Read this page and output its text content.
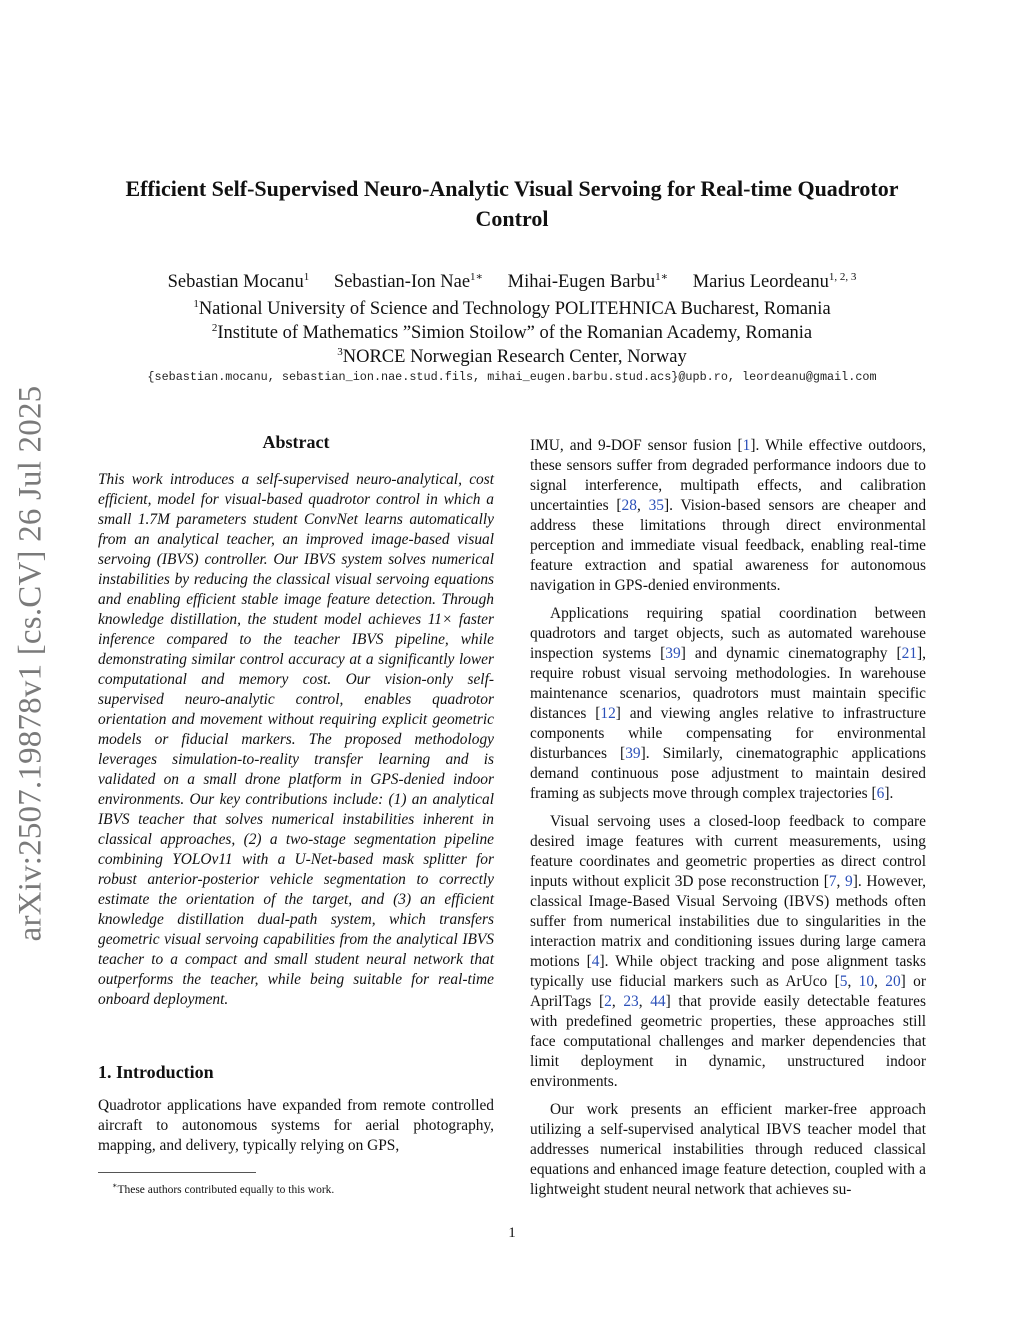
arXiv:2507.19878v1 [cs.CV] 26 Jul 2025
Efficient Self-Supervised Neuro-Analytic Visual Servoing for Real-time Quadrotor Control
Sebastian Mocanu$^1$ Sebastian-Ion Nae$^{1∗}$ Mihai-Eugen Barbu$^{1∗}$ Marius Leordeanu$^{1, 2, 3}$
$^1$National University of Science and Technology POLITEHNICA Bucharest, Romania
$^2$Institute of Mathematics ”Simion Stoilow” of the Romanian Academy, Romania
$^3$NORCE Norwegian Research Center, Norway
{sebastian.mocanu, sebastian_ion.nae.stud.fils, mihai_eugen.barbu.stud.acs}@upb.ro, leordeanu@gmail.com
Abstract

This work introduces a self-supervised neuro-analytical, cost efficient, model for visual-based quadrotor control in which a small 1.7M parameters student ConvNet learns automatically from an analytical teacher, an improved image-based visual servoing (IBVS) controller. Our IBVS system solves numerical instabilities by reducing the classical visual servoing equations and enabling efficient stable image feature detection. Through knowledge distillation, the student model achieves 11× faster inference compared to the teacher IBVS pipeline, while demonstrating similar control accuracy at a significantly lower computational and memory cost. Our vision-only self-supervised neuro-analytic control, enables quadrotor orientation and movement without requiring explicit geometric models or fiducial markers. The proposed methodology leverages simulation-to-reality transfer learning and is validated on a small drone platform in GPS-denied indoor environments. Our key contributions include: (1) an analytical IBVS teacher that solves numerical instabilities inherent in classical approaches, (2) a two-stage segmentation pipeline combining YOLOv11 with a U-Net-based mask splitter for robust anterior-posterior vehicle segmentation to correctly estimate the orientation of the target, and (3) an efficient knowledge distillation dual-path system, which transfers geometric visual servoing capabilities from the analytical IBVS teacher to a compact and small student neural network that outperforms the teacher, while being suitable for real-time onboard deployment.

1. Introduction

Quadrotor applications have expanded from remote controlled aircraft to autonomous systems for aerial photography, mapping, and delivery, typically relying on GPS,

IMU, and 9-DOF sensor fusion [1]. While effective outdoors, these sensors suffer from degraded performance indoors due to signal interference, multipath effects, and calibration uncertainties [28, 35]. Vision-based sensors are cheaper and address these limitations through direct environmental perception and immediate visual feedback, enabling real-time feature extraction and spatial awareness for autonomous navigation in GPS-denied environments.

Applications requiring spatial coordination between quadrotors and target objects, such as automated warehouse inspection systems [39] and dynamic cinematography [21], require robust visual servoing methodologies. In warehouse maintenance scenarios, quadrotors must maintain specific distances [12] and viewing angles relative to infrastructure components while compensating for environmental disturbances [39]. Similarly, cinematographic applications demand continuous pose adjustment to maintain desired framing as subjects move through complex trajectories [6].

Visual servoing uses a closed-loop feedback to compare desired image features with current measurements, using feature coordinates and geometric properties as direct control inputs without explicit 3D pose reconstruction [7, 9]. However, classical Image-Based Visual Servoing (IBVS) methods often suffer from numerical instabilities due to singularities in the interaction matrix and conditioning issues during large camera motions [4]. While object tracking and pose alignment tasks typically use fiducial markers such as ArUco [5, 10, 20] or AprilTags [2, 23, 44] that provide easily detectable features with predefined geometric properties, these approaches still face computational challenges and marker dependencies that limit deployment in dynamic, unstructured indoor environments.

Our work presents an efficient marker-free approach utilizing a self-supervised analytical IBVS teacher model that addresses numerical instabilities through reduced classical equations and enhanced image feature detection, coupled with a lightweight student neural network that achieves su-

∗These authors contributed equally to this work.
1
